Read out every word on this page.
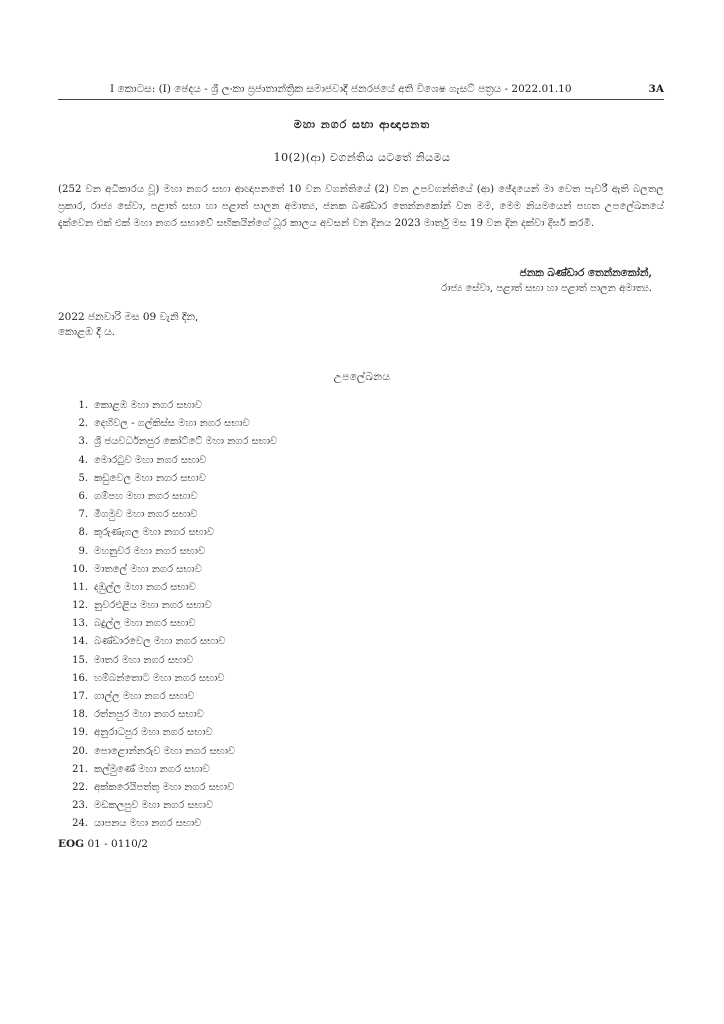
I කොටස: (I) ඡෙදය - ශ්‍රී ලංකා ප්‍රජාතාන්ත්‍රික සමාජවාදී ජනරජයේ අති විශෙෂ ගැසට් පත්‍රය - 2022.01.10	3A
මහා නගර සභා ආඥාපනත
10(2)(ආ) වගන්තිය යටතේ නියමය
(252 වන අධිකාරය වූ) මහා නගර සභා ආඥාපනතේ 10 වන වගන්තියේ (2) වන උපවගන්තියේ (ආ) ඡේදයෙන් මා වෙත පැවරී ඇති බලතල ප්‍රකාර, රාජ්‍ය සේවා, පළාත් සභා හා පළාත් පාලන අමාත්‍ය, ජනක බණ්ඩාර තෙන්නකෝන් වන මම, මෙම නියමයෙන් පහත උපලේඛනයේ දැක්වෙන එක් එක් මහා නගර සභාවේ සභිකයින්ගේ ධූර කාලය අවසන් වන දිනය 2023 මාර්තු මස 19 වන දින දක්වා දීර්ඝ කරමි.
ජනක බණ්ඩාර තෙන්නකෝන්,
රාජ්‍ය සේවා, පළාත් සභා හා පළාත් පාලන අමාත්‍ය.
2022 ජනවාරි මස 09 වැනි දින,
කොළඹ දී ය.
උපලේඛනය
1. කොළඹ මහා නගර සභාව
2. දෙහිවල - ගල්කිස්ස මහා නගර සභාව
3. ශ්‍රී ජයවර්ධනපුර කෝට්ටේ මහා නගර සභාව
4. මොරටුව මහා නගර සභාව
5. කඩුවෙල මහා නගර සභාව
6. ගම්පහ මහා නගර සභාව
7. මීගමුව මහා නගර සභාව
8. කුරුණෑගල මහා නගර සභාව
9. මහනුවර මහා නගර සභාව
10. මාතලේ මහා නගර සභාව
11. දඹුල්ල මහා නගර සභාව
12. නුවරඑළිය මහා නගර සභාව
13. බදුල්ල මහා නගර සභාව
14. බණ්ඩාරවෙල මහා නගර සභාව
15. මාතර මහා නගර සභාව
16. හම්බන්තොට මහා නගර සභාව
17. ගාල්ල මහා නගර සභාව
18. රත්නපුර මහා නගර සභාව
19. අනුරාධපුර මහා නගර සභාව
20. පොළොන්නරුව මහා නගර සභාව
21. කල්මුණේ මහා නගර සභාව
22. අක්කරෙයිපත්තු මහා නගර සභාව
23. මඩකලපුව මහා නගර සභාව
24. යාපනය මහා නගර සභාව
EOG 01 - 0110/2
